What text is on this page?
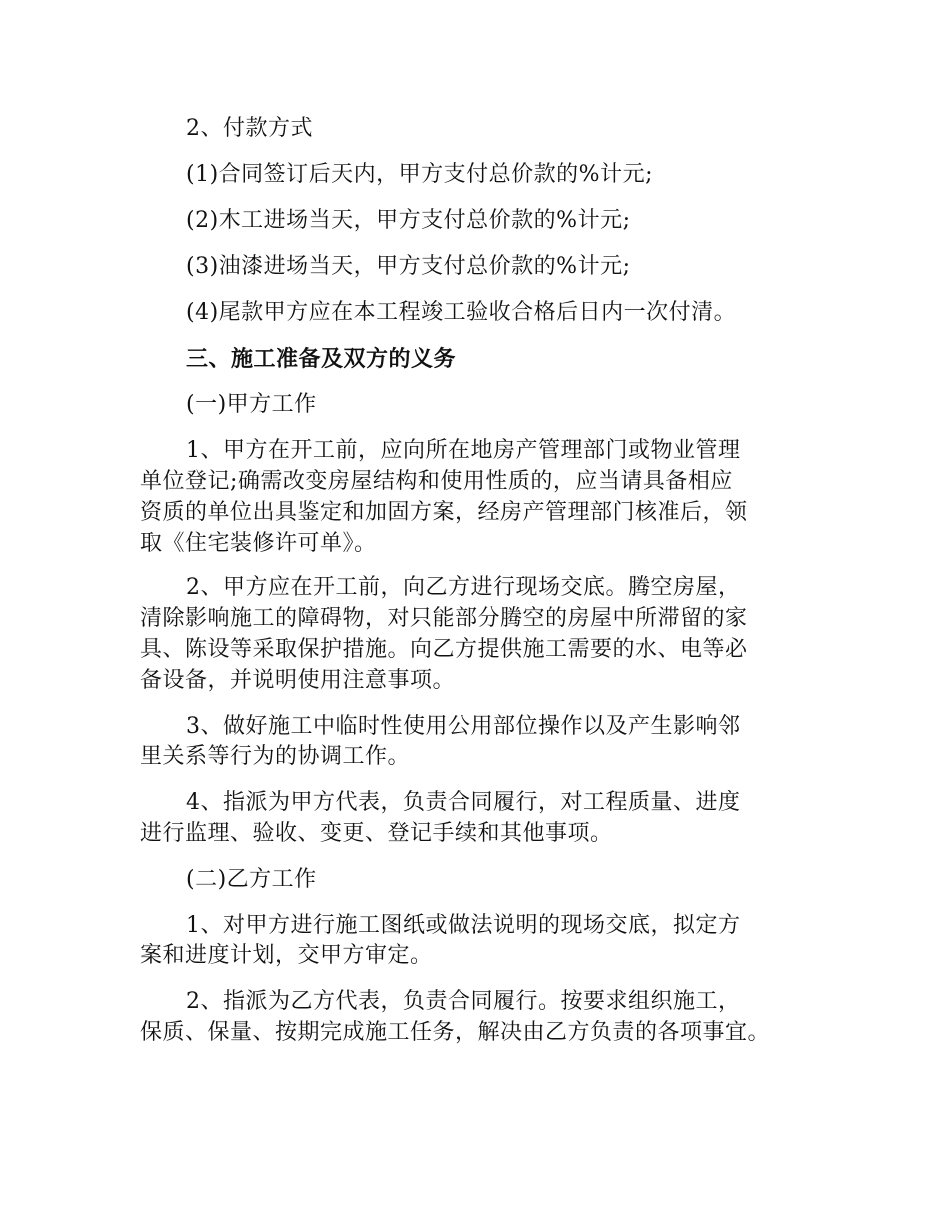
2、付款方式
(1)合同签订后天内，甲方支付总价款的%计元;
(2)木工进场当天，甲方支付总价款的%计元;
(3)油漆进场当天，甲方支付总价款的%计元;
(4)尾款甲方应在本工程竣工验收合格后日内一次付清。
三、施工准备及双方的义务
(一)甲方工作
1、甲方在开工前，应向所在地房产管理部门或物业管理
单位登记;确需改变房屋结构和使用性质的，应当请具备相应
资质的单位出具鉴定和加固方案，经房产管理部门核准后，领
取《住宅装修许可单》。
2、甲方应在开工前，向乙方进行现场交底。腾空房屋，
清除影响施工的障碍物，对只能部分腾空的房屋中所滞留的家
具、陈设等采取保护措施。向乙方提供施工需要的水、电等必
备设备，并说明使用注意事项。
3、做好施工中临时性使用公用部位操作以及产生影响邻
里关系等行为的协调工作。
4、指派为甲方代表，负责合同履行，对工程质量、进度
进行监理、验收、变更、登记手续和其他事项。
(二)乙方工作
1、对甲方进行施工图纸或做法说明的现场交底，拟定方
案和进度计划，交甲方审定。
2、指派为乙方代表，负责合同履行。按要求组织施工，
保质、保量、按期完成施工任务，解决由乙方负责的各项事宜。
